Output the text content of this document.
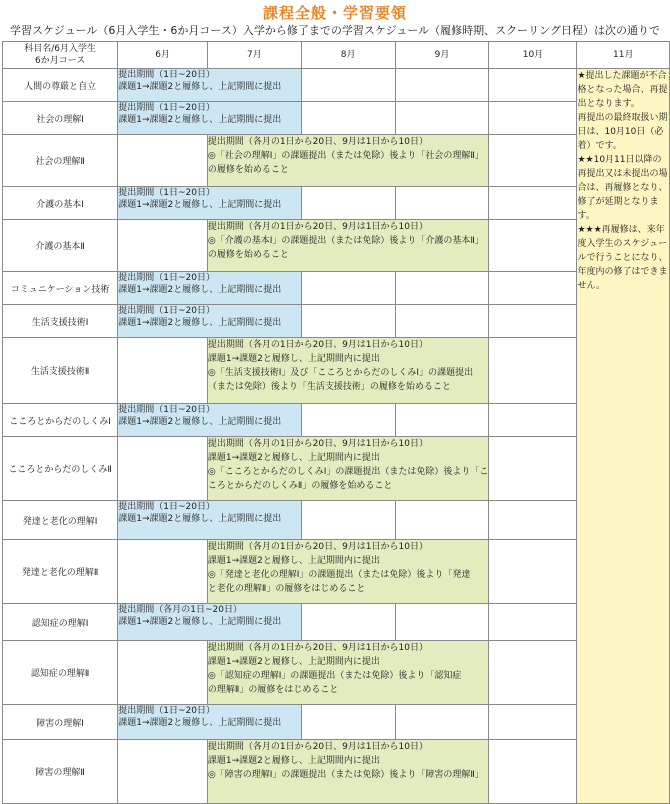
課程全般・学習要領
学習スケジュール（6月入学生・6か月コース）入学から修了までの学習スケジュール（履修時期、スクーリング日程）は次の通りで
科目名/6月入学生
6か月コース	6月	7月	8月	9月	10月	11月
人間の尊厳と自立	提出期間（1日~20日）
課題1→課題2と履修し、上記期間に提出					★提出した課題が不合格となった場合、再提出となります。
再提出の最終取扱い期日は、10月10日（必着）です。
★★10月11日以降の再提出又は未提出の場合は、再履修となり、修了が延期となります。
★★★再履修は、来年度入学生のスケジュールで行うことになり、年度内の修了はできません。

社会の理解Ⅰ	提出期間（1日~20日）
課題1→課題2と履修し、上記期間に提出					

社会の理解Ⅱ		提出期間（各月の1日から20日、9月は1日から10日）
◎「社会の理解Ⅰ」の課題提出（または免除）後より「社会の理解Ⅱ」
の履修を始めること				

介護の基本Ⅰ	提出期間（1日~20日）
課題1→課題2と履修し、上記期間に提出					

介護の基本Ⅱ		提出期間（各月の1日から20日、9月は1日から10日）
◎「介護の基本Ⅰ」の課題提出（または免除）後より「介護の基本Ⅱ」
の履修を始めること				

コミュニケーション技術	提出期間（1日~20日）
課題1→課題2と履修し、上記期間に提出					

生活支援技術Ⅰ	提出期間（1日~20日）
課題1→課題2と履修し、上記期間に提出					

生活支援技術Ⅱ		提出期間（各月の1日から20日、9月は1日から10日）
課題1→課題2と履修し、上記期間内に提出
◎「生活支援技術Ⅰ」及び「こころとからだのしくみⅠ」の課題提出
（または免除）後より「生活支援技術」の履修を始めること				

こころとからだのしくみⅠ	提出期間（1日~20日）
課題1→課題2と履修し、上記期間に提出					

こころとからだのしくみⅡ		提出期間（各月の1日から20日、9月は1日から10日）
課題1→課題2と履修し、上記期間内に提出
◎「こころとからだのしくみⅠ」の課題提出（または免除）後より「こ
ころとからだのしくみⅡ」の履修を始めること				

発達と老化の理解Ⅰ	提出期間（1日~20日）
課題1→課題2と履修し、上記期間に提出					

発達と老化の理解Ⅱ		提出期間（各月の1日から20日、9月は1日から10日）
課題1→課題2と履修し、上記期間内に提出
◎「発達と老化の理解Ⅰ」の課題提出（または免除）後より「発達
と老化の理解Ⅱ」の履修をはじめること				

認知症の理解Ⅰ	提出期間（各月の1日~20日）
課題1→課題2と履修し、上記期間に提出					

認知症の理解Ⅱ		提出期間（各月の1日から20日、9月は1日から10日）
課題1→課題2と履修し、上記期間内に提出
◎「認知症の理解Ⅰ」の課題提出（または免除）後より「認知症
の理解Ⅱ」の履修をはじめること				

障害の理解Ⅰ	提出期間（1日~20日）
課題1→課題2と履修し、上記期間に提出					

障害の理解Ⅱ		提出期間（各月の1日から20日、9月は1日から10日）
課題1→課題2と履修し、上記期間内に提出
◎「障害の理解Ⅰ」の課題提出（または免除）後より「障害の理解Ⅱ」				
